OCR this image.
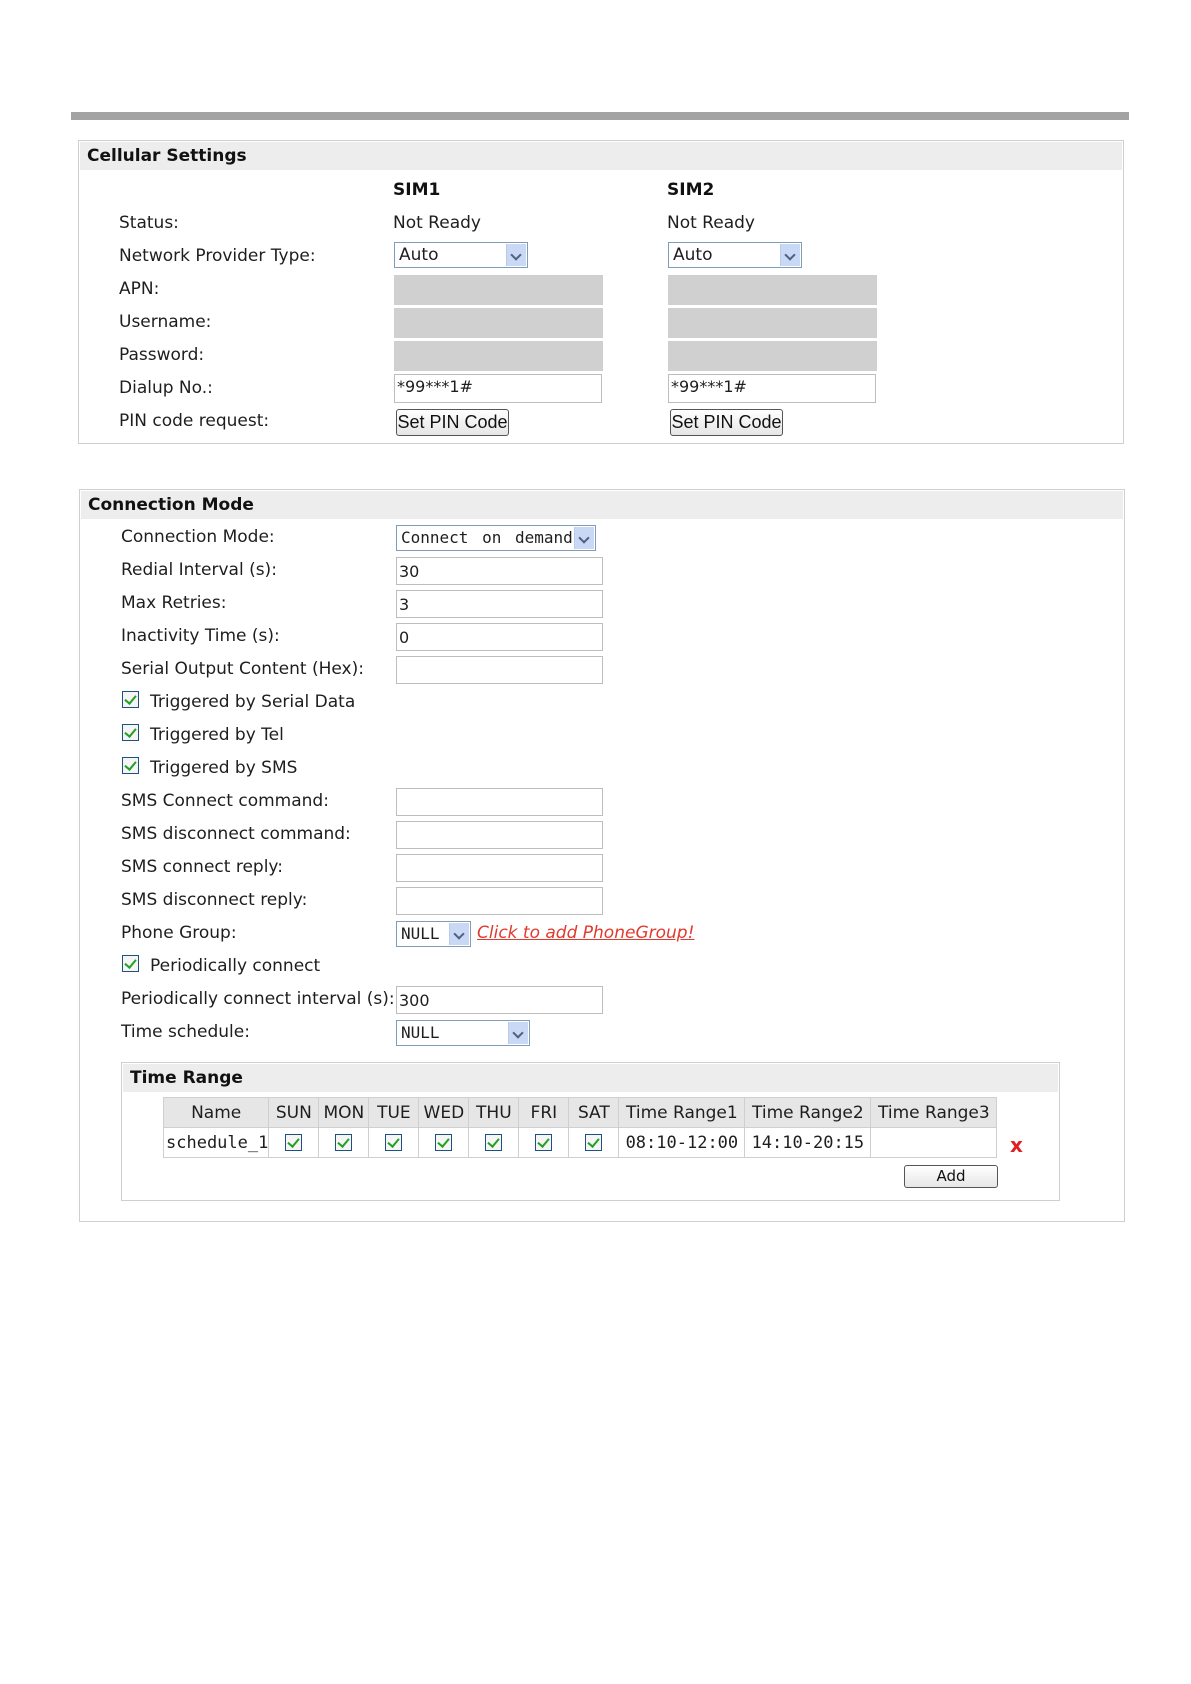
Cellular Settings
SIM1	SIM2
Status:	Not Ready	Not Ready
Network Provider Type:	Auto	Auto
APN:
Username:
Password:
Dialup No.:	*99***1#	*99***1#
PIN code request:	Set PIN Code	Set PIN Code
Connection Mode
Connection Mode:	Connect on demand
Redial Interval (s):	30
Max Retries:	3
Inactivity Time (s):	0
Serial Output Content (Hex):
Triggered by Serial Data
Triggered by Tel
Triggered by SMS
SMS Connect command:
SMS disconnect command:
SMS connect reply:
SMS disconnect reply:
Phone Group:	NULL	Click to add PhoneGroup!
Periodically connect
Periodically connect interval (s): 300
Time schedule:	NULL
Time Range
Name	SUN	MON	TUE	WED	THU	FRI	SAT	Time Range1	Time Range2	Time Range3
schedule_1								08:10-12:00	14:10-20:15		x
Add
